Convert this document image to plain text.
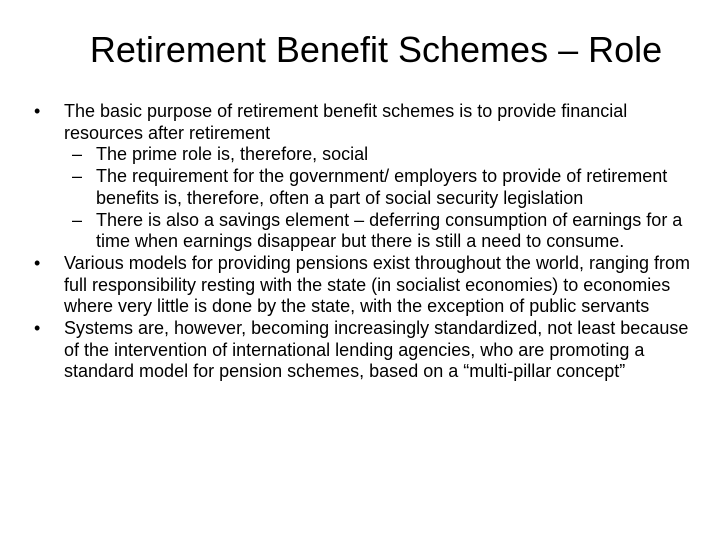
Retirement Benefit Schemes – Role
•	The basic purpose of retirement benefit schemes is to provide financial resources after retirement
– The prime role is, therefore, social
– The requirement for the government/ employers to provide of retirement benefits is, therefore, often a part of social security legislation
– There is also a savings element – deferring consumption of earnings for a time when earnings disappear but there is still a need to consume.
•	Various models for providing pensions exist throughout the world, ranging from full responsibility resting with the state (in socialist economies) to economies where very little is done by the state, with the exception of public servants
•	Systems are, however, becoming increasingly standardized, not least because of the intervention of international lending agencies, who are promoting a standard model for pension schemes, based on a “multi-pillar concept”
